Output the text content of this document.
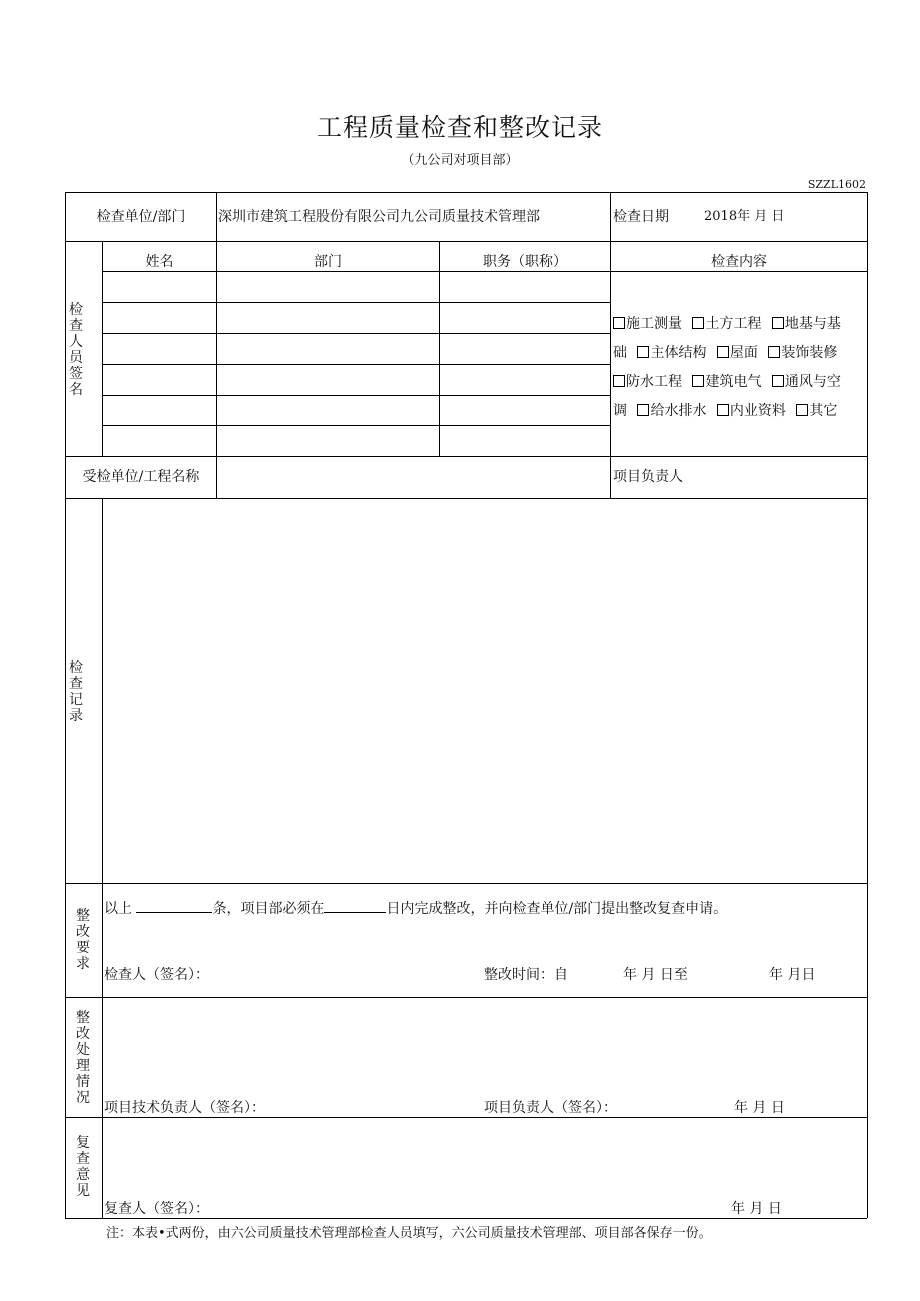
工程质量检查和整改记录
（九公司对项目部）
SZZL1602
检查单位/部门	深圳市建筑工程股份有限公司九公司质量技术管理部	检查日期	2018年 月 日
检查人员签名
姓名	部门	职务（职称）	检查内容
施工测量 土方工程 地基与基
础 主体结构 屋面 装饰装修
防水工程 建筑电气 通风与空
调 给水排水 内业资料 其它
受检单位/工程名称	项目负责人
检查记录
整改要求
以上	条，项目部必须在	日内完成整改，并向检查单位/部门提出整改复查申请。
检查人（签名）：	整改时间：自	年 月 日至	年 月日
整改处理情况
项目技术负责人（签名）：	项目负责人（签名）：	年 月 日
复查意见
复查人（签名）：	年 月 日
注：本表•式两份，由六公司质量技术管理部检查人员填写，六公司质量技术管理部、项目部各保存一份。
